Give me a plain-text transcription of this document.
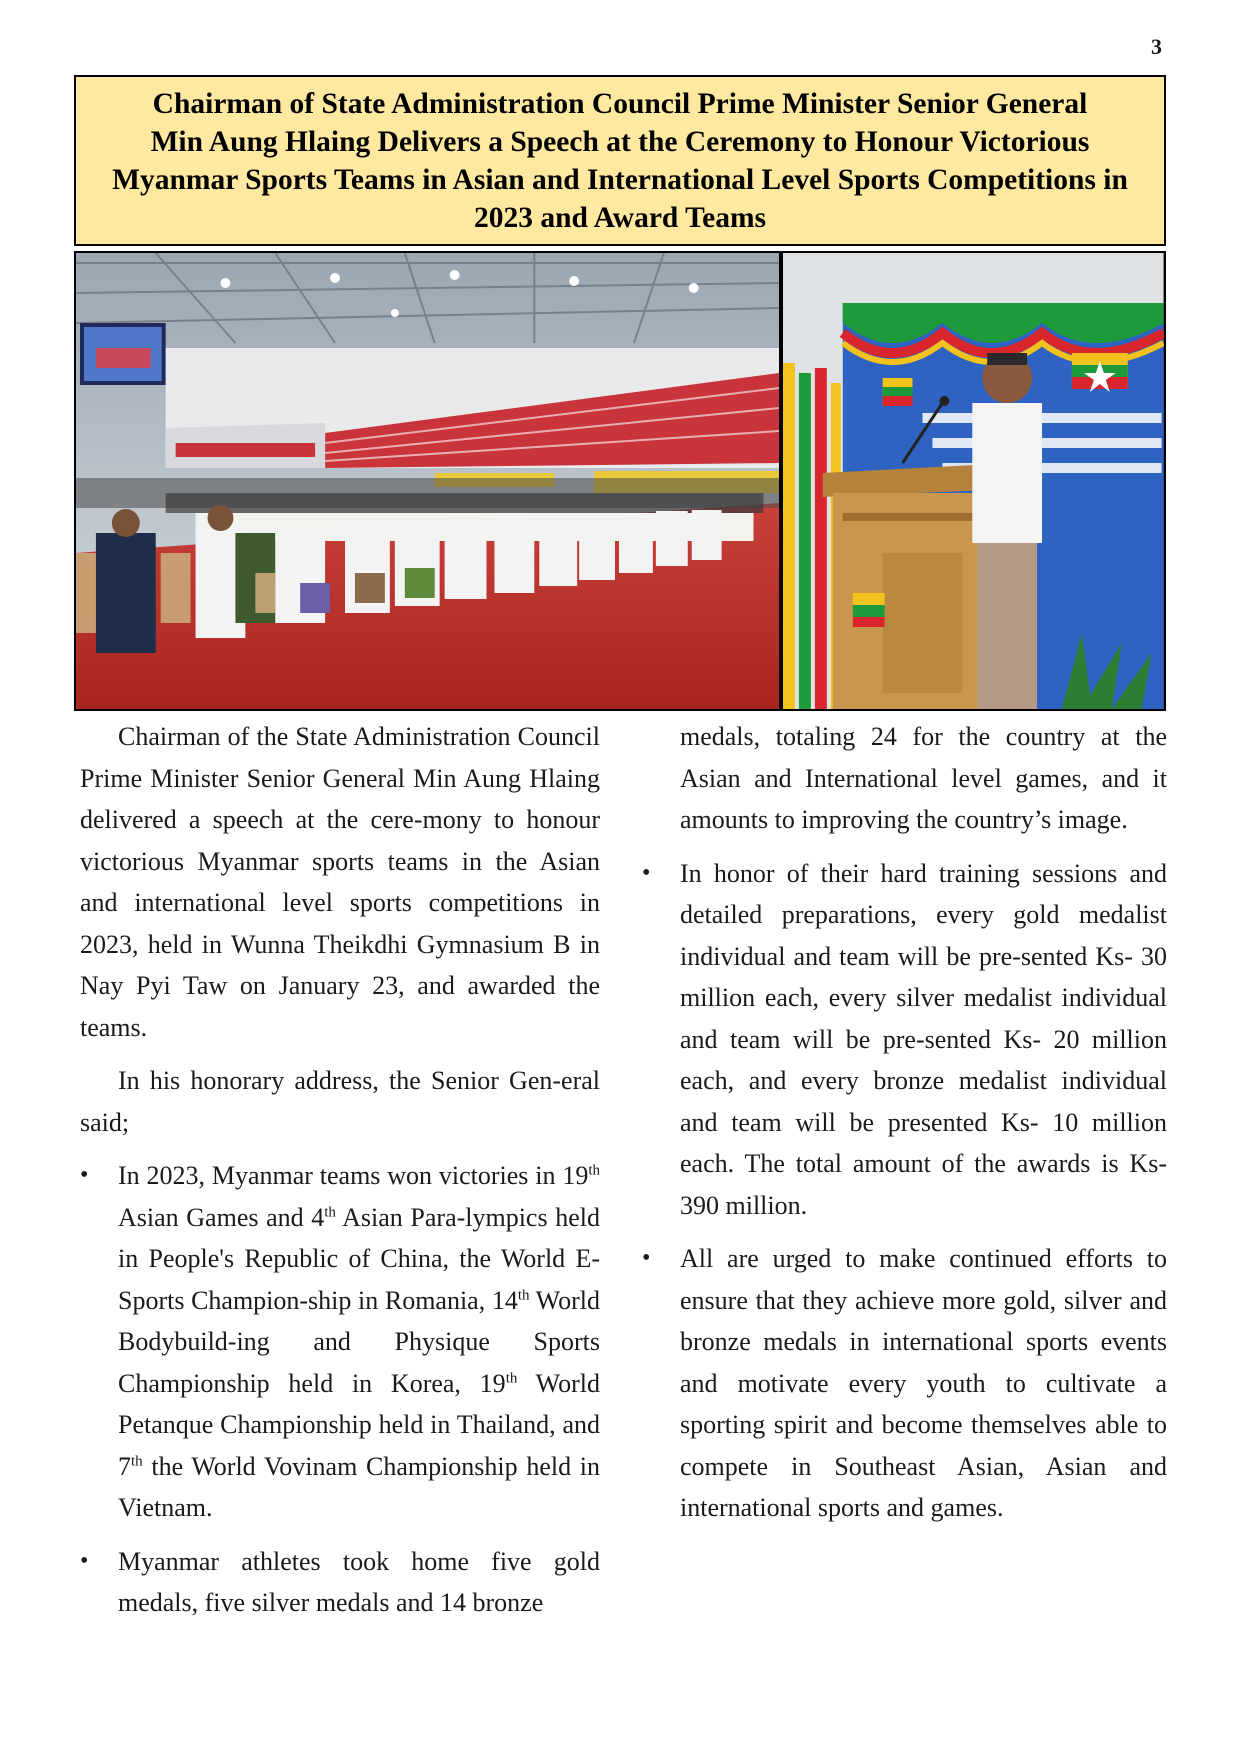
3
Chairman of State Administration Council Prime Minister Senior General
Min Aung Hlaing Delivers a Speech at the Ceremony to Honour Victorious
Myanmar Sports Teams in Asian and International Level Sports Competitions in
2023 and Award Teams

Chairman of the State Administration Council Prime Minister Senior General Min Aung Hlaing delivered a speech at the cere-mony to honour victorious Myanmar sports teams in the Asian and international level sports competitions in 2023, held in Wunna Theikdhi Gymnasium B in Nay Pyi Taw on January 23, and awarded the teams.

In his honorary address, the Senior Gen-eral said;

• In 2023, Myanmar teams won victories in 19th Asian Games and 4th Asian Para-lympics held in People's Republic of China, the World E-Sports Champion-ship in Romania, 14th World Bodybuild-ing and Physique Sports Championship held in Korea, 19th World Petanque Championship held in Thailand, and 7th the World Vovinam Championship held in Vietnam.

• Myanmar athletes took home five gold medals, five silver medals and 14 bronze

medals, totaling 24 for the country at the Asian and International level games, and it amounts to improving the country’s image.

• In honor of their hard training sessions and detailed preparations, every gold medalist individual and team will be pre-sented Ks- 30 million each, every silver medalist individual and team will be pre-sented Ks- 20 million each, and every bronze medalist individual and team will be presented Ks- 10 million each. The total amount of the awards is Ks-390 million.

• All are urged to make continued efforts to ensure that they achieve more gold, silver and bronze medals in international sports events and motivate every youth to cultivate a sporting spirit and become themselves able to compete in Southeast Asian, Asian and international sports and games.
